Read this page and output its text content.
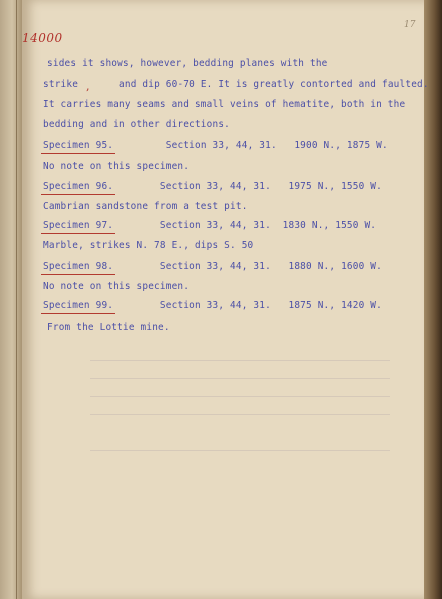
14000
17
sides it shows, however, bedding planes with the
strike	and dip 60-70 E. It is greatly contorted and faulted.
,
It carries many seams and small veins of hematite, both in the
bedding and in other directions.
Specimen 95.	Section 33, 44, 31.   1900 N., 1875 W.
No note on this specimen.
Specimen 96.	Section 33, 44, 31.   1975 N., 1550 W.
Cambrian sandstone from a test pit.
Specimen 97.	Section 33, 44, 31.  1830 N., 1550 W.
Marble, strikes N. 78 E., dips S. 50
Specimen 98.	Section 33, 44, 31.   1880 N., 1600 W.
No note on this specimen.
Specimen 99.	Section 33, 44, 31.   1875 N., 1420 W.
From the Lottie mine.
